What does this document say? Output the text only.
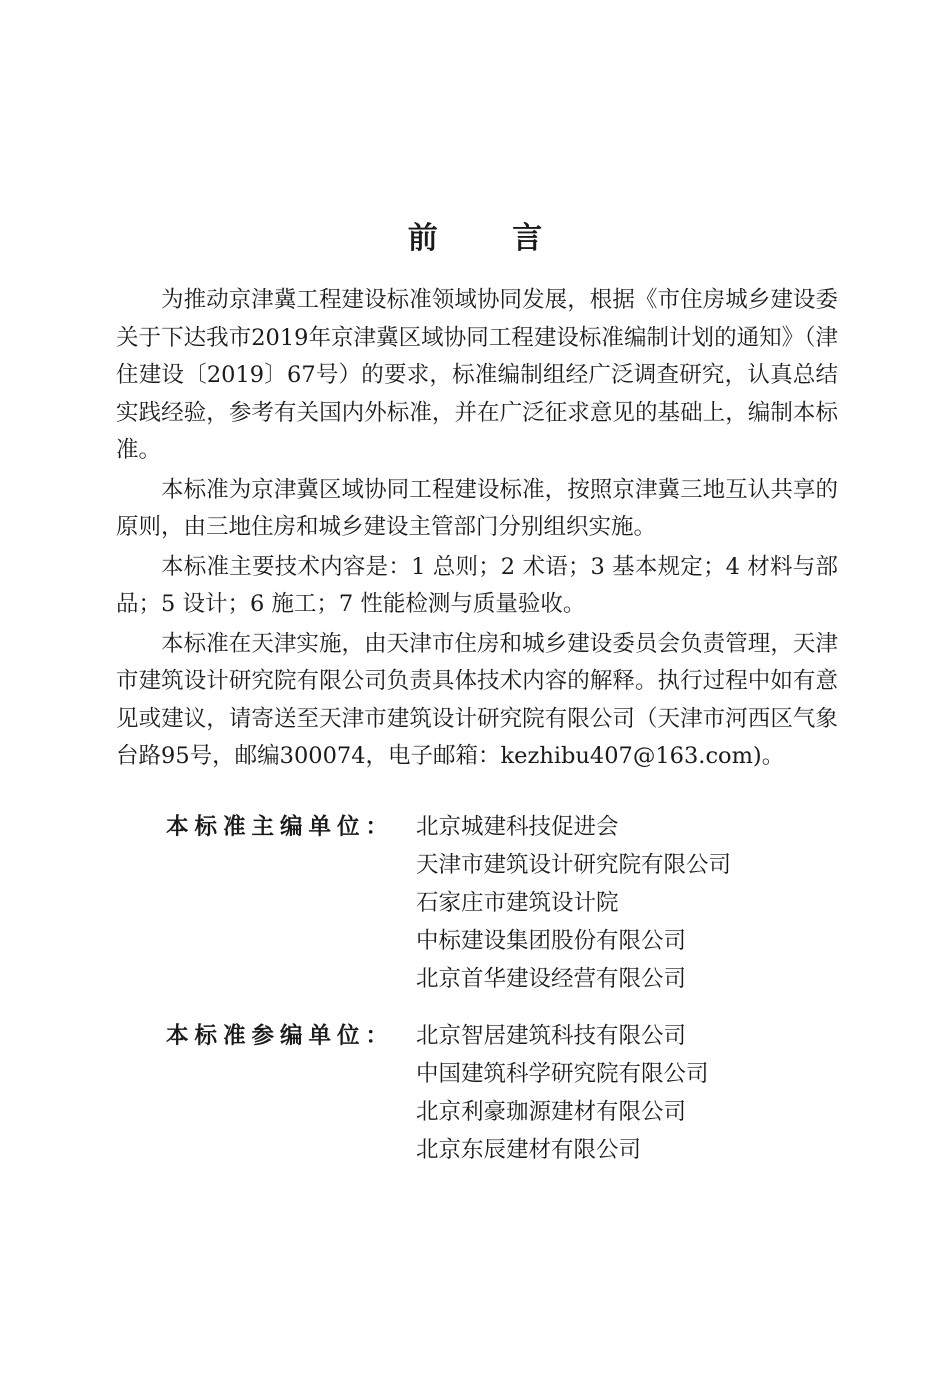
前 言

为推动京津冀工程建设标准领域协同发展，根据《市住房城乡建设委关于下达我市2019年京津冀区域协同工程建设标准编制计划的通知》（津住建设〔2019〕67号）的要求，标准编制组经广泛调查研究，认真总结实践经验，参考有关国内外标准，并在广泛征求意见的基础上，编制本标准。

本标准为京津冀区域协同工程建设标准，按照京津冀三地互认共享的原则，由三地住房和城乡建设主管部门分别组织实施。

本标准主要技术内容是：1 总则；2 术语；3 基本规定；4 材料与部品；5 设计；6 施工；7 性能检测与质量验收。

本标准在天津实施，由天津市住房和城乡建设委员会负责管理，天津市建筑设计研究院有限公司负责具体技术内容的解释。执行过程中如有意见或建议，请寄送至天津市建筑设计研究院有限公司（天津市河西区气象台路95号，邮编300074，电子邮箱：kezhibu407@163.com)。

本标准主编单位： 北京城建科技促进会
天津市建筑设计研究院有限公司
石家庄市建筑设计院
中标建设集团股份有限公司
北京首华建设经营有限公司
本标准参编单位： 北京智居建筑科技有限公司
中国建筑科学研究院有限公司
北京利豪珈源建材有限公司
北京东辰建材有限公司
